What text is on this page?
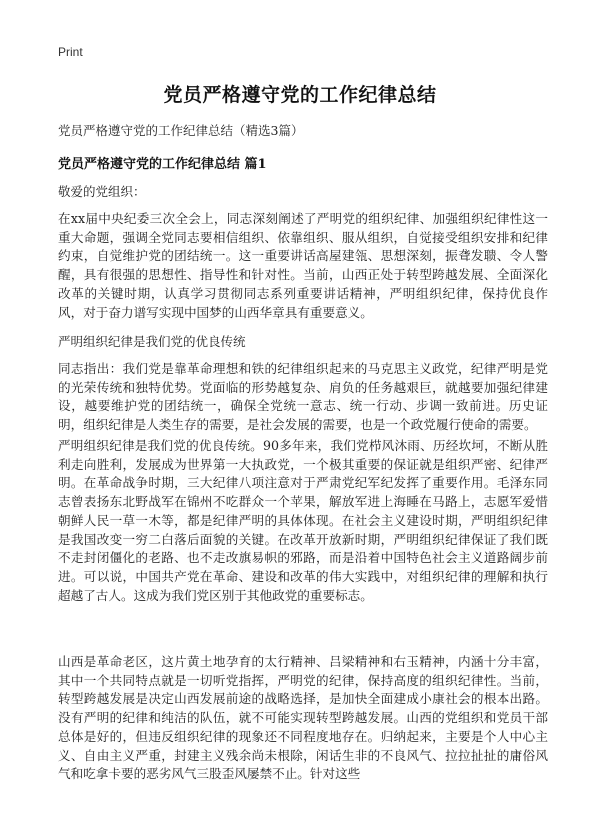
Print
党员严格遵守党的工作纪律总结
党员严格遵守党的工作纪律总结（精选3篇）
党员严格遵守党的工作纪律总结 篇1
敬爱的党组织：

在xx届中央纪委三次全会上，同志深刻阐述了严明党的组织纪律、加强组织纪律性这一重大命题，强调全党同志要相信组织、依靠组织、服从组织，自觉接受组织安排和纪律约束，自觉维护党的团结统一。这一重要讲话高屋建瓴、思想深刻，振聋发聩、令人警醒，具有很强的思想性、指导性和针对性。当前，山西正处于转型跨越发展、全面深化改革的关键时期，认真学习贯彻同志系列重要讲话精神，严明组织纪律，保持优良作风，对于奋力谱写实现中国梦的山西华章具有重要意义。

严明组织纪律是我们党的优良传统

同志指出：我们党是靠革命理想和铁的纪律组织起来的马克思主义政党，纪律严明是党的光荣传统和独特优势。党面临的形势越复杂、肩负的任务越艰巨，就越要加强纪律建设，越要维护党的团结统一，确保全党统一意志、统一行动、步调一致前进。历史证明，组织纪律是人类生存的需要，是社会发展的需要，也是一个政党履行使命的需要。

严明组织纪律是我们党的优良传统。90多年来，我们党栉风沐雨、历经坎坷，不断从胜利走向胜利，发展成为世界第一大执政党，一个极其重要的保证就是组织严密、纪律严明。在革命战争时期，三大纪律八项注意对于严肃党纪军纪发挥了重要作用。毛泽东同志曾表扬东北野战军在锦州不吃群众一个苹果，解放军进上海睡在马路上，志愿军爱惜朝鲜人民一草一木等，都是纪律严明的具体体现。在社会主义建设时期，严明组织纪律是我国改变一穷二白落后面貌的关键。在改革开放新时期，严明组织纪律保证了我们既不走封闭僵化的老路、也不走改旗易帜的邪路，而是沿着中国特色社会主义道路阔步前进。可以说，中国共产党在革命、建设和改革的伟大实践中，对组织纪律的理解和执行超越了古人。这成为我们党区别于其他政党的重要标志。

山西是革命老区，这片黄土地孕育的太行精神、吕梁精神和右玉精神，内涵十分丰富，其中一个共同特点就是一切听党指挥，严明党的纪律，保持高度的组织纪律性。当前，转型跨越发展是决定山西发展前途的战略选择，是加快全面建成小康社会的根本出路。没有严明的纪律和纯洁的队伍，就不可能实现转型跨越发展。山西的党组织和党员干部总体是好的，但违反组织纪律的现象还不同程度地存在。归纳起来，主要是个人中心主义、自由主义严重，封建主义残余尚未根除，闲话生非的不良风气、拉拉扯扯的庸俗风气和吃拿卡要的恶劣风气三股歪风屡禁不止。针对这些
